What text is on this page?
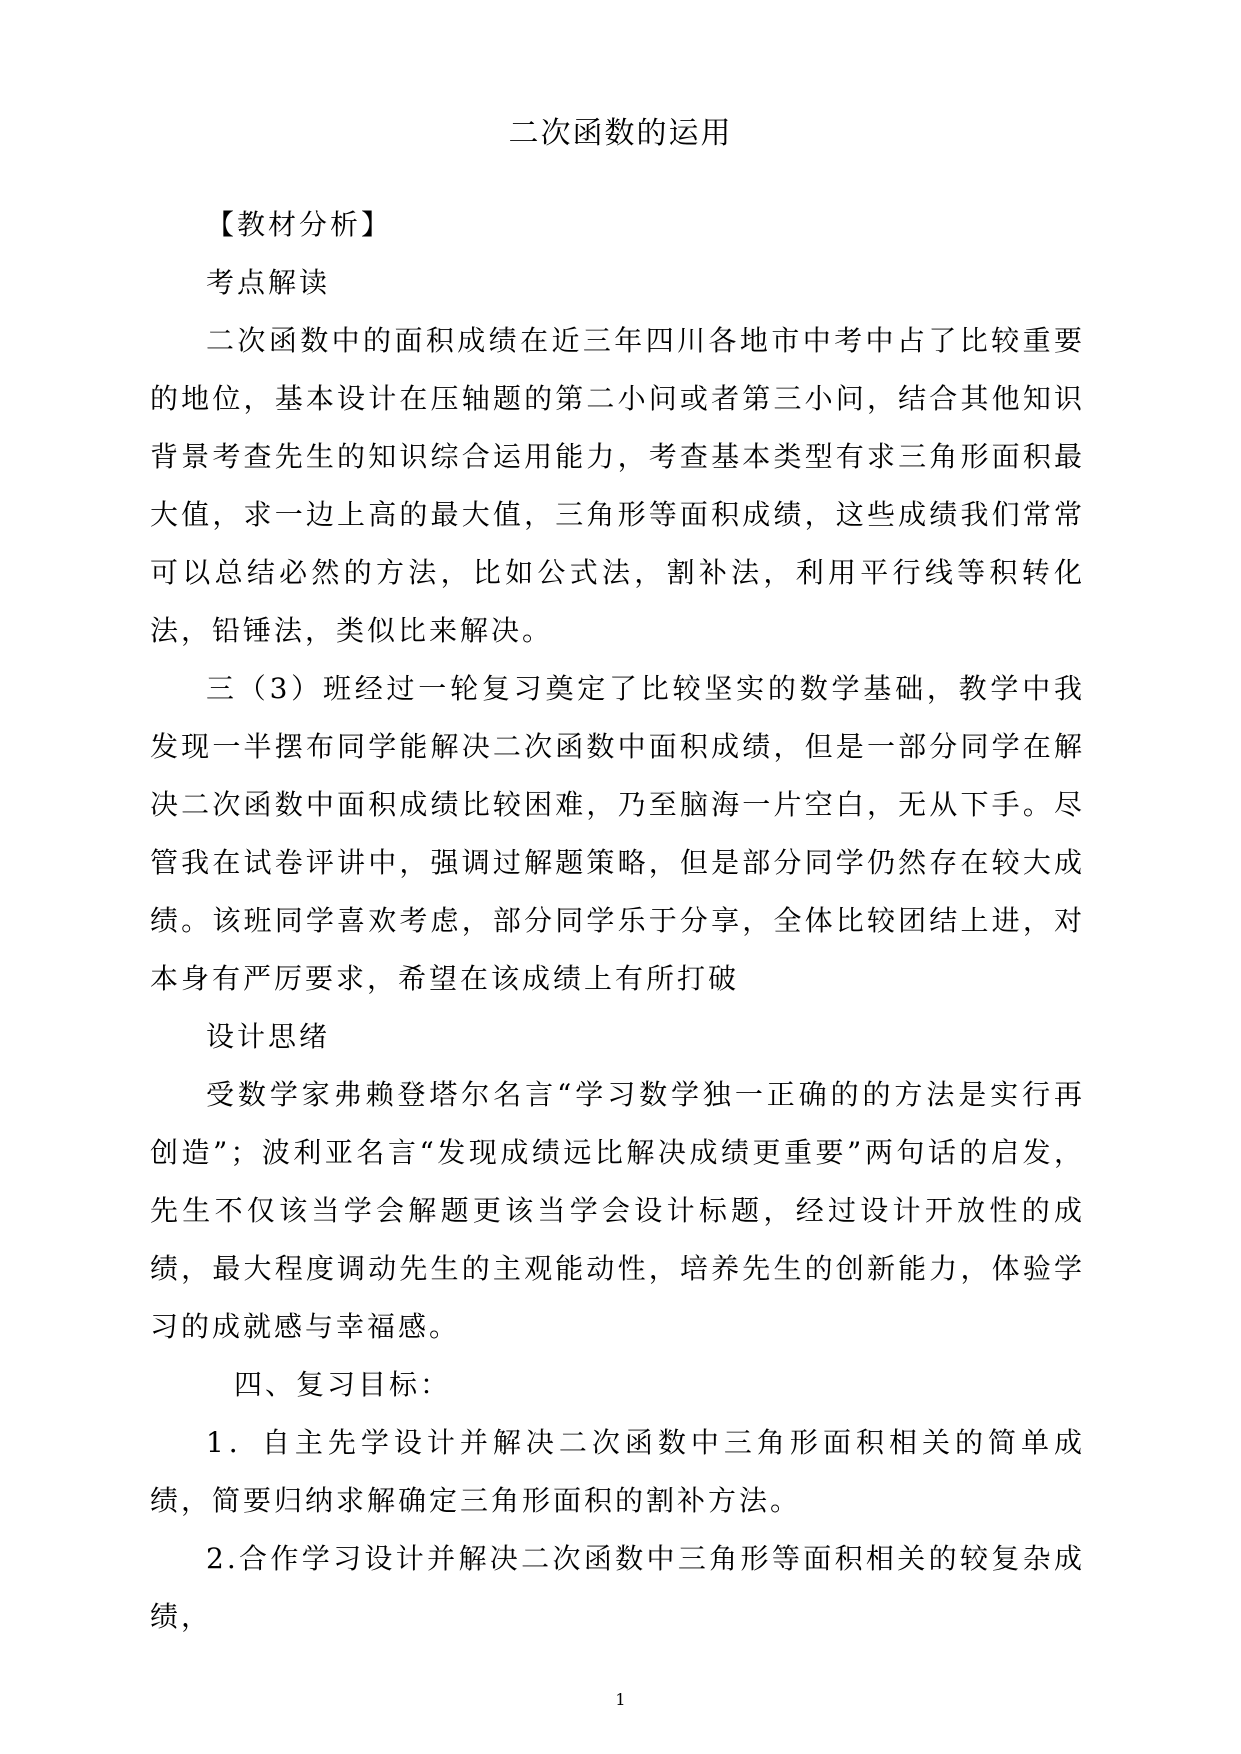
二次函数的运用

【教材分析】

考点解读

二次函数中的面积成绩在近三年四川各地市中考中占了比较重要的地位，基本设计在压轴题的第二小问或者第三小问，结合其他知识背景考查先生的知识综合运用能力，考查基本类型有求三角形面积最大值，求一边上高的最大值，三角形等面积成绩，这些成绩我们常常可以总结必然的方法，比如公式法，割补法，利用平行线等积转化法，铅锤法，类似比来解决。

三（3）班经过一轮复习奠定了比较坚实的数学基础，教学中我发现一半摆布同学能解决二次函数中面积成绩，但是一部分同学在解决二次函数中面积成绩比较困难，乃至脑海一片空白，无从下手。尽管我在试卷评讲中，强调过解题策略，但是部分同学仍然存在较大成绩。该班同学喜欢考虑，部分同学乐于分享，全体比较团结上进，对本身有严厉要求，希望在该成绩上有所打破

设计思绪

受数学家弗赖登塔尔名言“学习数学独一正确的的方法是实行再创造”；波利亚名言“发现成绩远比解决成绩更重要”两句话的启发，先生不仅该当学会解题更该当学会设计标题，经过设计开放性的成绩，最大程度调动先生的主观能动性，培养先生的创新能力，体验学习的成就感与幸福感。

四、复习目标：

1．自主先学设计并解决二次函数中三角形面积相关的简单成绩，简要归纳求解确定三角形面积的割补方法。

2.合作学习设计并解决二次函数中三角形等面积相关的较复杂成绩，

1
